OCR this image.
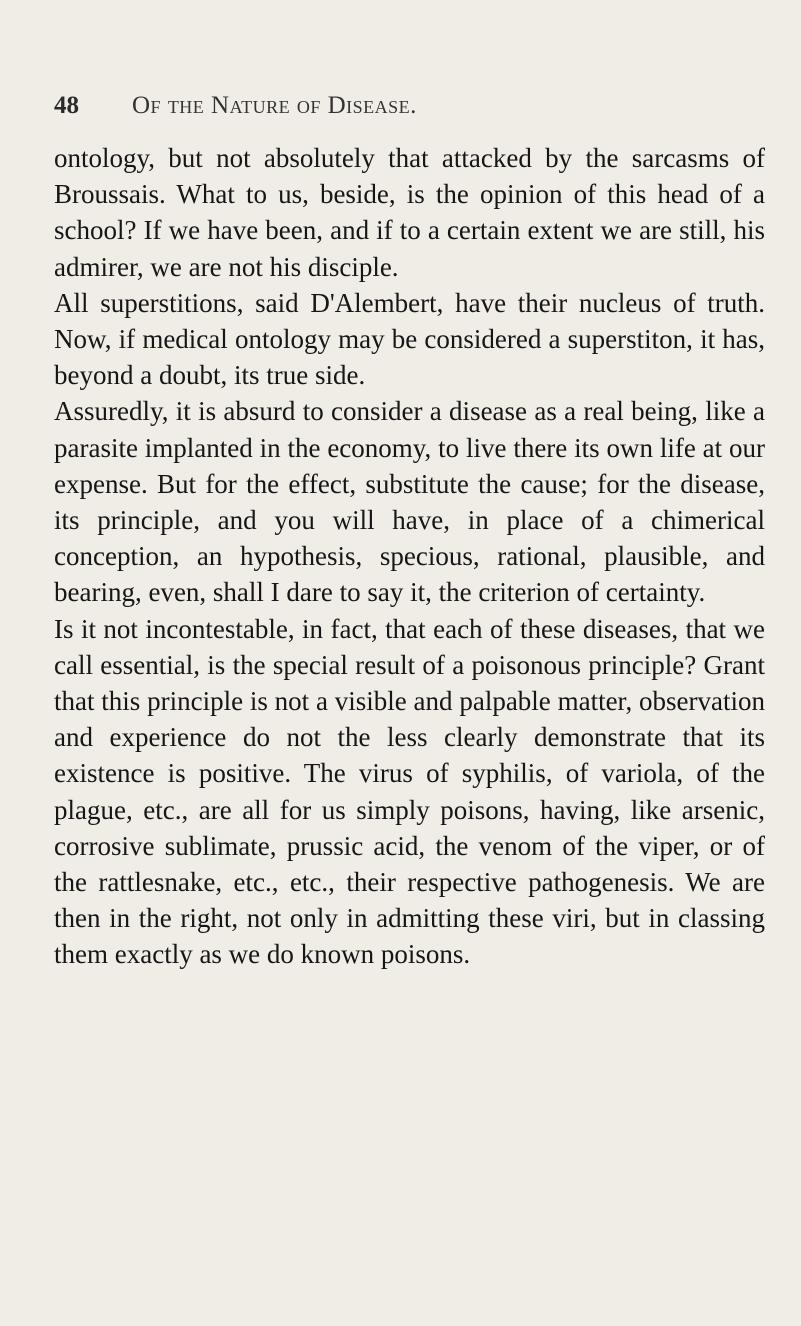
48	Of the Nature of Disease.

ontology, but not absolutely that attacked by the sarcasms of Broussais. What to us, beside, is the opinion of this head of a school? If we have been, and if to a certain extent we are still, his admirer, we are not his disciple.

All superstitions, said D'Alembert, have their nucleus of truth. Now, if medical ontology may be considered a superstiton, it has, beyond a doubt, its true side.

Assuredly, it is absurd to consider a disease as a real being, like a parasite implanted in the economy, to live there its own life at our expense. But for the effect, substitute the cause; for the disease, its principle, and you will have, in place of a chimerical conception, an hypothesis, specious, rational, plausible, and bearing, even, shall I dare to say it, the criterion of certainty.

Is it not incontestable, in fact, that each of these diseases, that we call essential, is the special result of a poisonous principle? Grant that this principle is not a visible and palpable matter, observation and experience do not the less clearly demonstrate that its existence is positive. The virus of syphilis, of variola, of the plague, etc., are all for us simply poisons, having, like arsenic, corrosive sublimate, prussic acid, the venom of the viper, or of the rattlesnake, etc., etc., their respective pathogenesis. We are then in the right, not only in admitting these viri, but in classing them exactly as we do known poisons.
